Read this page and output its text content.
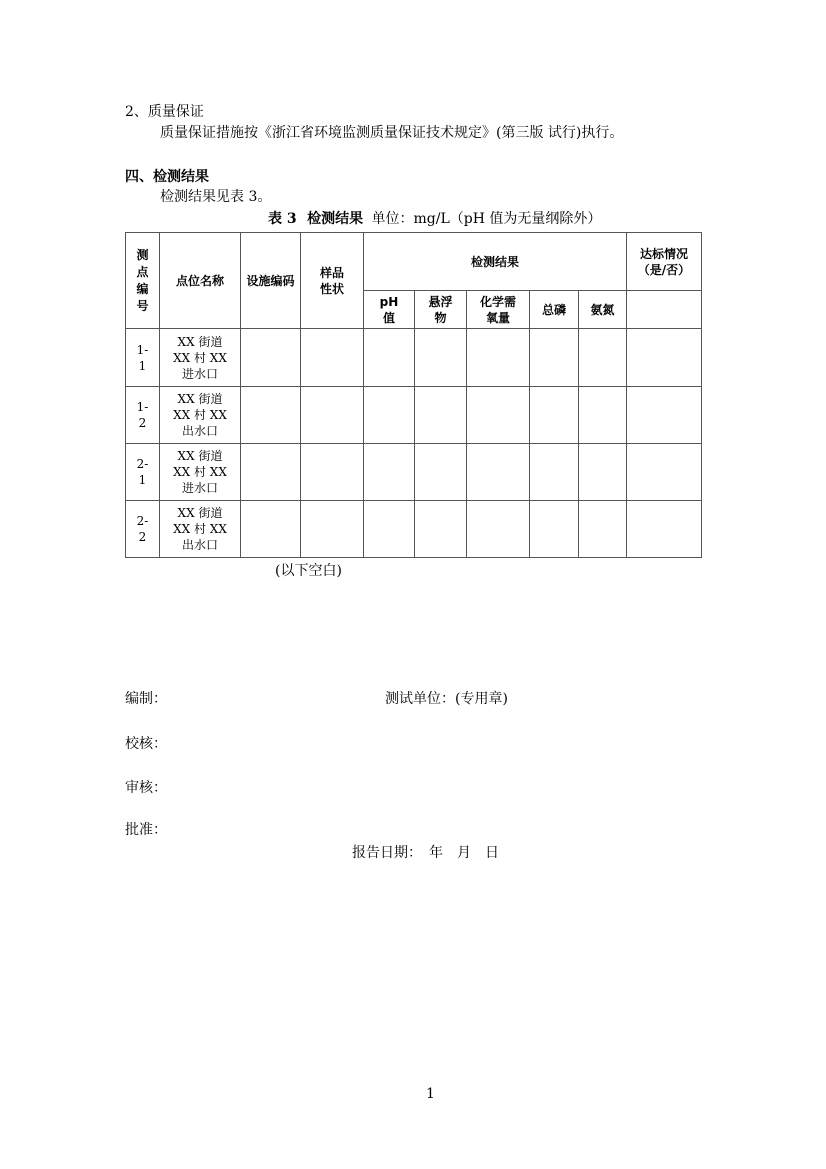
2、质量保证
质量保证措施按《浙江省环境监测质量保证技术规定》(第三版 试行)执行。
四、检测结果
检测结果见表 3。
表 3 检测结果 单位：mg/L（pH 值为无量纲除外）
测点编号	点位名称	设施编码	样品性状	检测结果					达标情况（是/否）

				pH 值	悬浮物	化学需氧量	总磷	氨氮	

1-1	XX 街道 XX 村 XX 进水口								

1-2	XX 街道 XX 村 XX 出水口								

2-1	XX 街道 XX 村 XX 进水口								

2-2	XX 街道 XX 村 XX 出水口								

(以下空白)
编制：	测试单位：(专用章)
校核：
审核：
批准：
报告日期：　年　月　日
1
